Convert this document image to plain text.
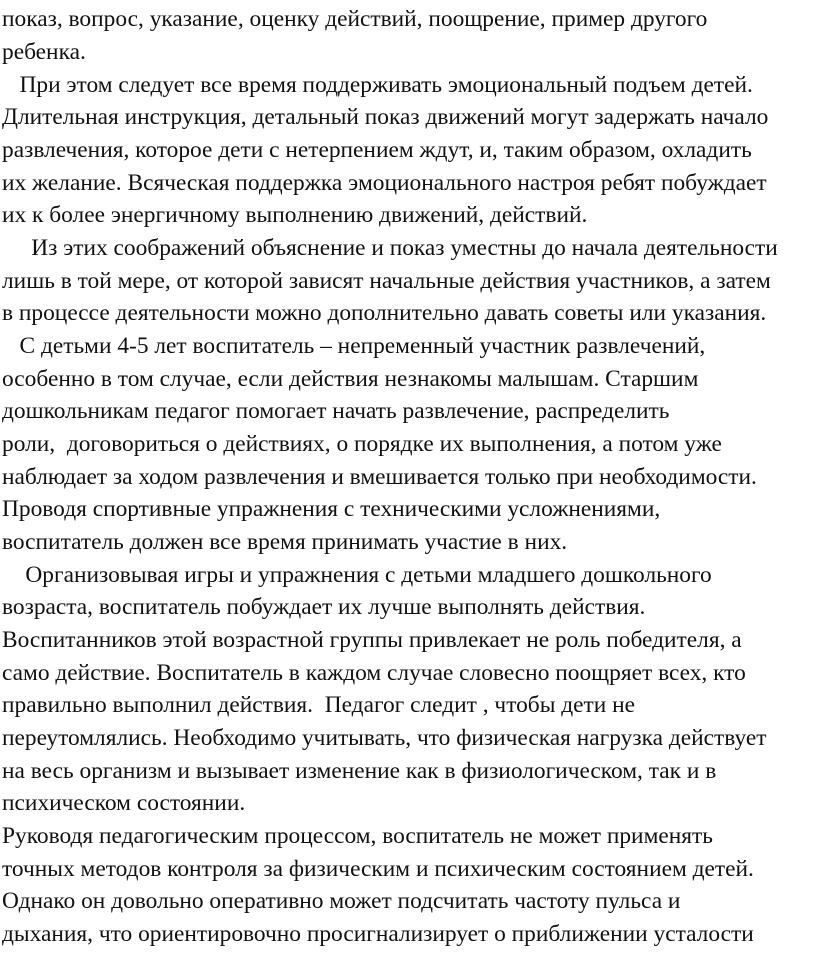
показ, вопрос, указание, оценку действий, поощрение, пример другого

ребенка.

При этом следует все время поддерживать эмоциональный подъем детей.

Длительная инструкция, детальный показ движений могут задержать начало

развлечения, которое дети с нетерпением ждут, и, таким образом, охладить

их желание. Всяческая поддержка эмоционального настроя ребят побуждает

их к более энергичному выполнению движений, действий.

Из этих соображений объяснение и показ уместны до начала деятельности

лишь в той мере, от которой зависят начальные действия участников, а затем

в процессе деятельности можно дополнительно давать советы или указания.

С детьми 4-5 лет воспитатель – непременный участник развлечений,

особенно в том случае, если действия незнакомы малышам. Старшим

дошкольникам педагог помогает начать развлечение, распределить

роли,  договориться о действиях, о порядке их выполнения, а потом уже

наблюдает за ходом развлечения и вмешивается только при необходимости.

Проводя спортивные упражнения с техническими усложнениями,

воспитатель должен все время принимать участие в них.

Организовывая игры и упражнения с детьми младшего дошкольного

возраста, воспитатель побуждает их лучше выполнять действия.

Воспитанников этой возрастной группы привлекает не роль победителя, а

само действие. Воспитатель в каждом случае словесно поощряет всех, кто

правильно выполнил действия.  Педагог следит , чтобы дети не

переутомлялись. Необходимо учитывать, что физическая нагрузка действует

на весь организм и вызывает изменение как в физиологическом, так и в

психическом состоянии.

Руководя педагогическим процессом, воспитатель не может применять

точных методов контроля за физическим и психическим состоянием детей.

Однако он довольно оперативно может подсчитать частоту пульса и

дыхания, что ориентировочно просигнализирует о приближении усталости
